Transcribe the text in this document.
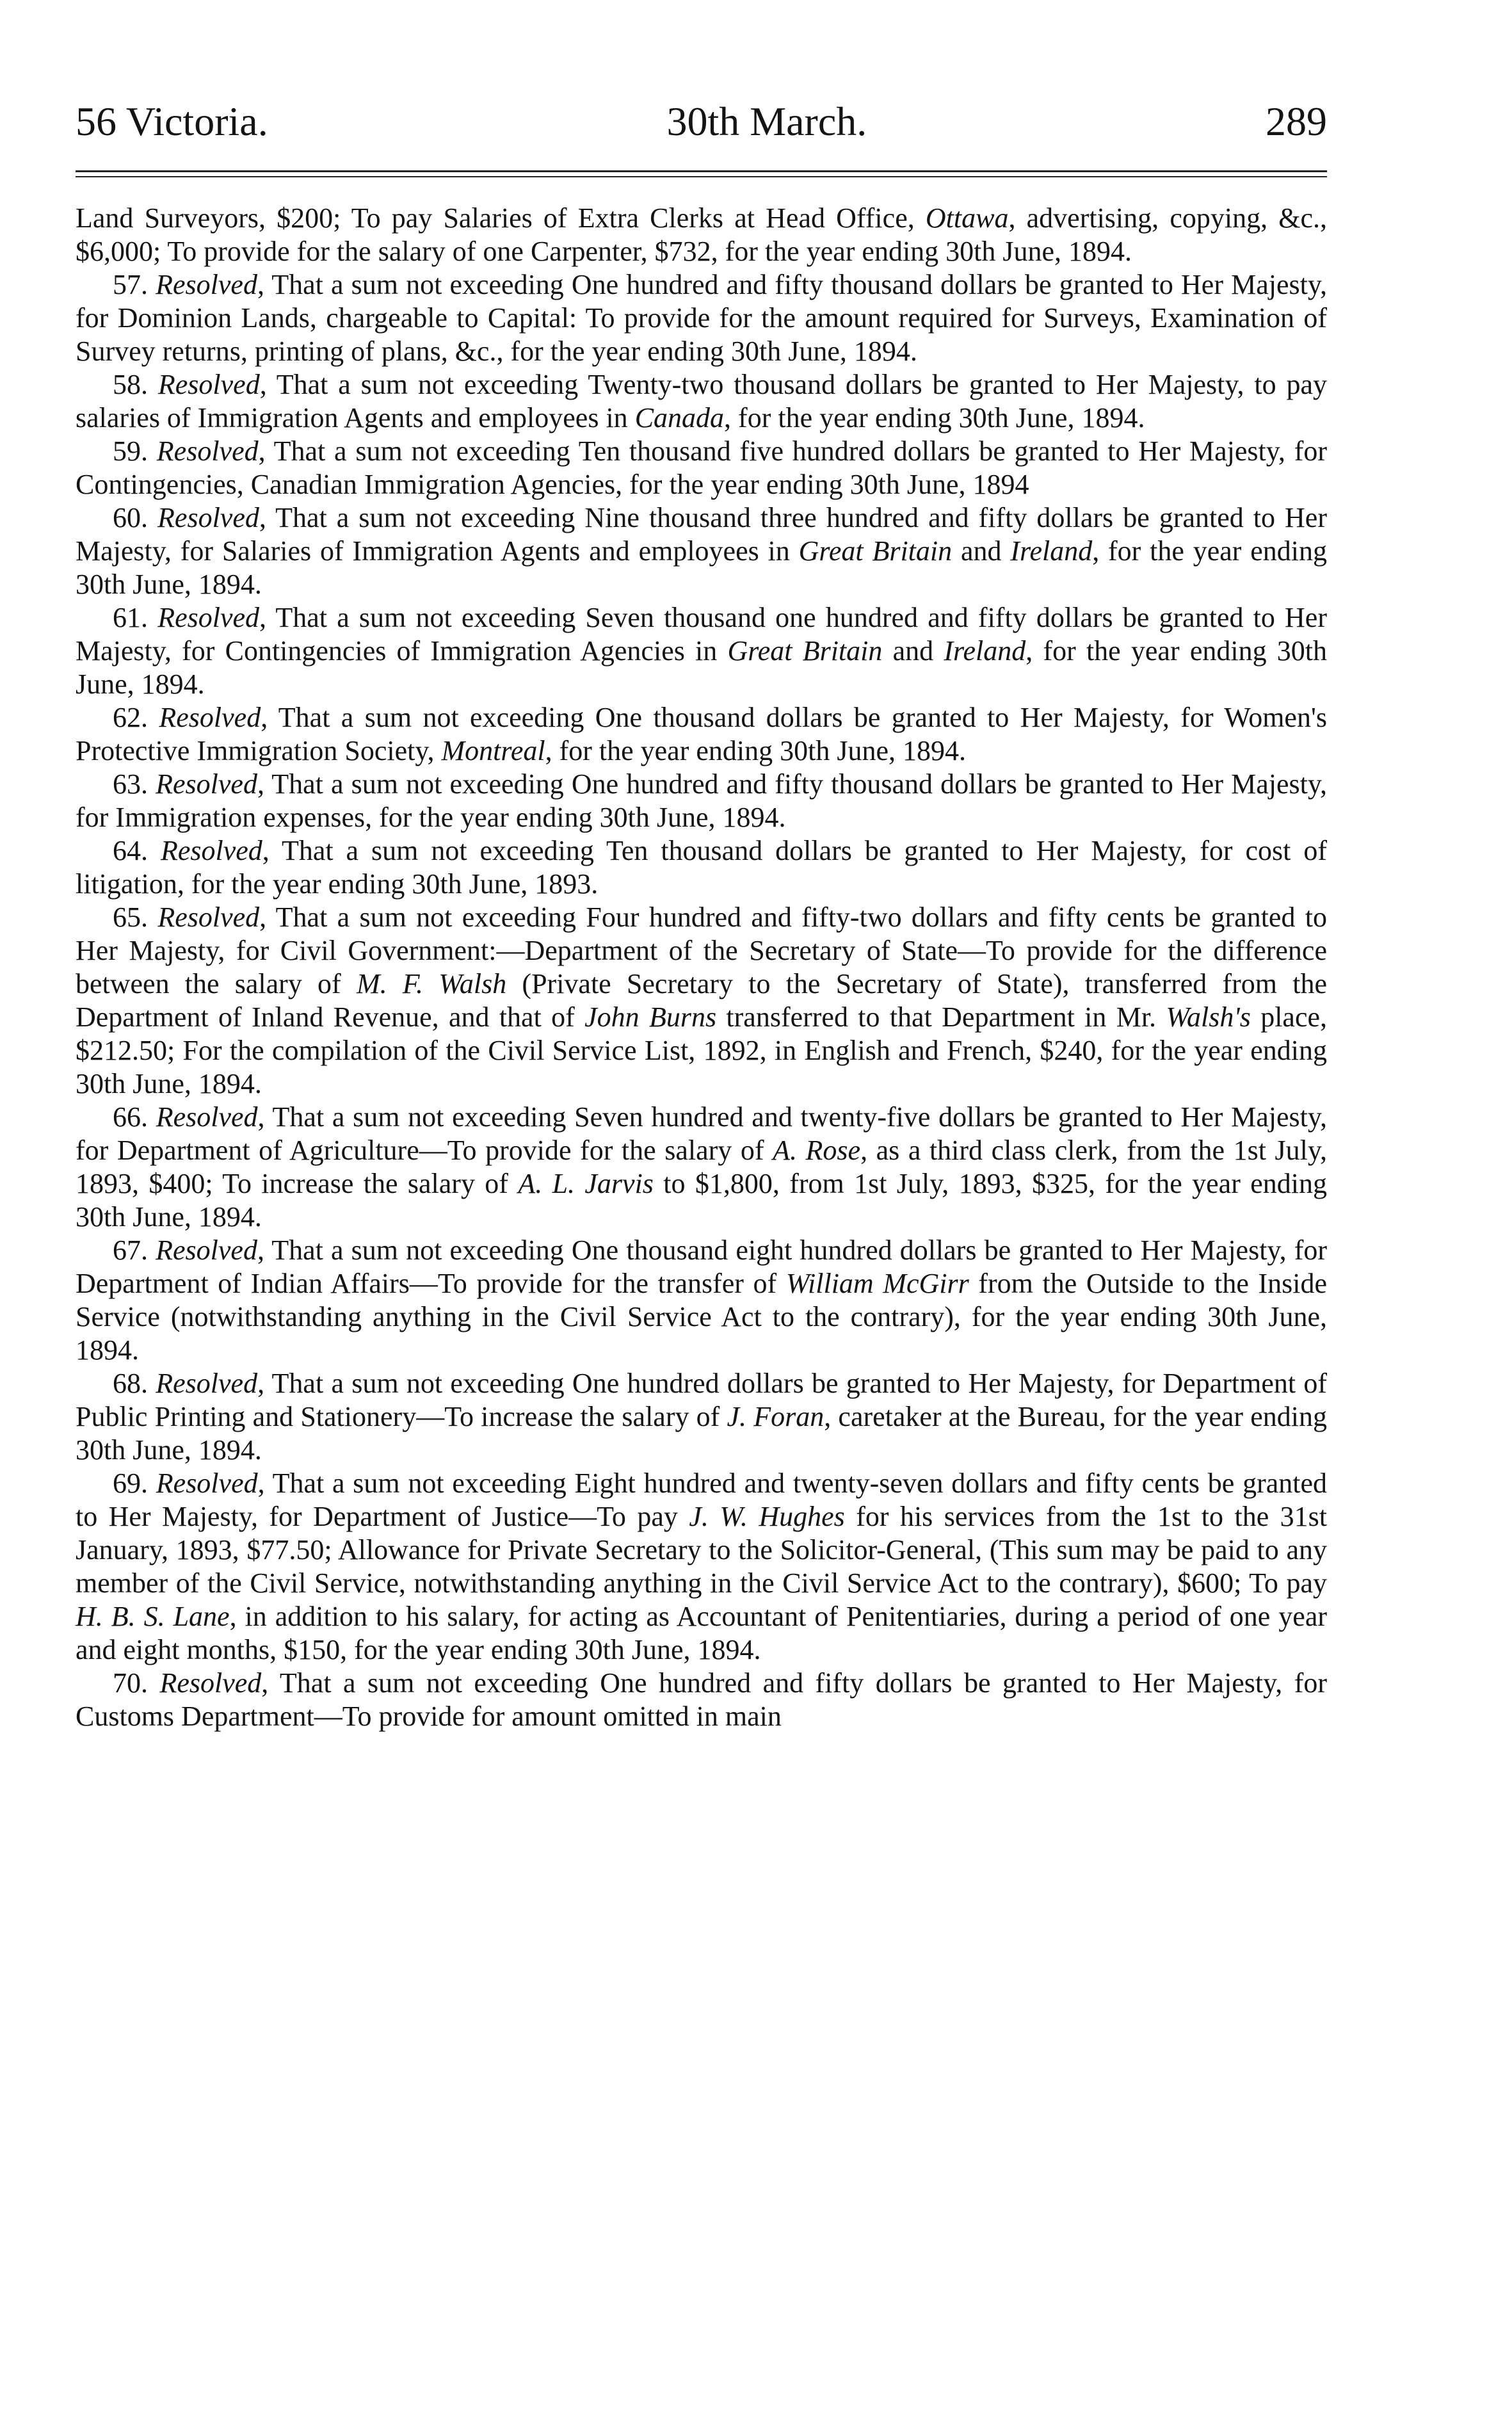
56 Victoria.	30th March.	289

Land Surveyors, $200; To pay Salaries of Extra Clerks at Head Office, Ottawa, advertising, copying, &c., $6,000; To provide for the salary of one Carpenter, $732, for the year ending 30th June, 1894.

57. Resolved, That a sum not exceeding One hundred and fifty thousand dollars be granted to Her Majesty, for Dominion Lands, chargeable to Capital: To provide for the amount required for Surveys, Examination of Survey returns, printing of plans, &c., for the year ending 30th June, 1894.

58. Resolved, That a sum not exceeding Twenty-two thousand dollars be granted to Her Majesty, to pay salaries of Immigration Agents and employees in Canada, for the year ending 30th June, 1894.

59. Resolved, That a sum not exceeding Ten thousand five hundred dollars be granted to Her Majesty, for Contingencies, Canadian Immigration Agencies, for the year ending 30th June, 1894

60. Resolved, That a sum not exceeding Nine thousand three hundred and fifty dollars be granted to Her Majesty, for Salaries of Immigration Agents and employees in Great Britain and Ireland, for the year ending 30th June, 1894.

61. Resolved, That a sum not exceeding Seven thousand one hundred and fifty dollars be granted to Her Majesty, for Contingencies of Immigration Agencies in Great Britain and Ireland, for the year ending 30th June, 1894.

62. Resolved, That a sum not exceeding One thousand dollars be granted to Her Majesty, for Women's Protective Immigration Society, Montreal, for the year ending 30th June, 1894.

63. Resolved, That a sum not exceeding One hundred and fifty thousand dollars be granted to Her Majesty, for Immigration expenses, for the year ending 30th June, 1894.

64. Resolved, That a sum not exceeding Ten thousand dollars be granted to Her Majesty, for cost of litigation, for the year ending 30th June, 1893.

65. Resolved, That a sum not exceeding Four hundred and fifty-two dollars and fifty cents be granted to Her Majesty, for Civil Government:—Department of the Secretary of State—To provide for the difference between the salary of M. F. Walsh (Private Secretary to the Secretary of State), transferred from the Department of Inland Revenue, and that of John Burns transferred to that Department in Mr. Walsh's place, $212.50; For the compilation of the Civil Service List, 1892, in English and French, $240, for the year ending 30th June, 1894.

66. Resolved, That a sum not exceeding Seven hundred and twenty-five dollars be granted to Her Majesty, for Department of Agriculture—To provide for the salary of A. Rose, as a third class clerk, from the 1st July, 1893, $400; To increase the salary of A. L. Jarvis to $1,800, from 1st July, 1893, $325, for the year ending 30th June, 1894.

67. Resolved, That a sum not exceeding One thousand eight hundred dollars be granted to Her Majesty, for Department of Indian Affairs—To provide for the transfer of William McGirr from the Outside to the Inside Service (notwithstanding anything in the Civil Service Act to the contrary), for the year ending 30th June, 1894.

68. Resolved, That a sum not exceeding One hundred dollars be granted to Her Majesty, for Department of Public Printing and Stationery—To increase the salary of J. Foran, caretaker at the Bureau, for the year ending 30th June, 1894.

69. Resolved, That a sum not exceeding Eight hundred and twenty-seven dollars and fifty cents be granted to Her Majesty, for Department of Justice—To pay J. W. Hughes for his services from the 1st to the 31st January, 1893, $77.50; Allowance for Private Secretary to the Solicitor-General, (This sum may be paid to any member of the Civil Service, notwithstanding anything in the Civil Service Act to the contrary), $600; To pay H. B. S. Lane, in addition to his salary, for acting as Accountant of Penitentiaries, during a period of one year and eight months, $150, for the year ending 30th June, 1894.

70. Resolved, That a sum not exceeding One hundred and fifty dollars be granted to Her Majesty, for Customs Department—To provide for amount omitted in main
